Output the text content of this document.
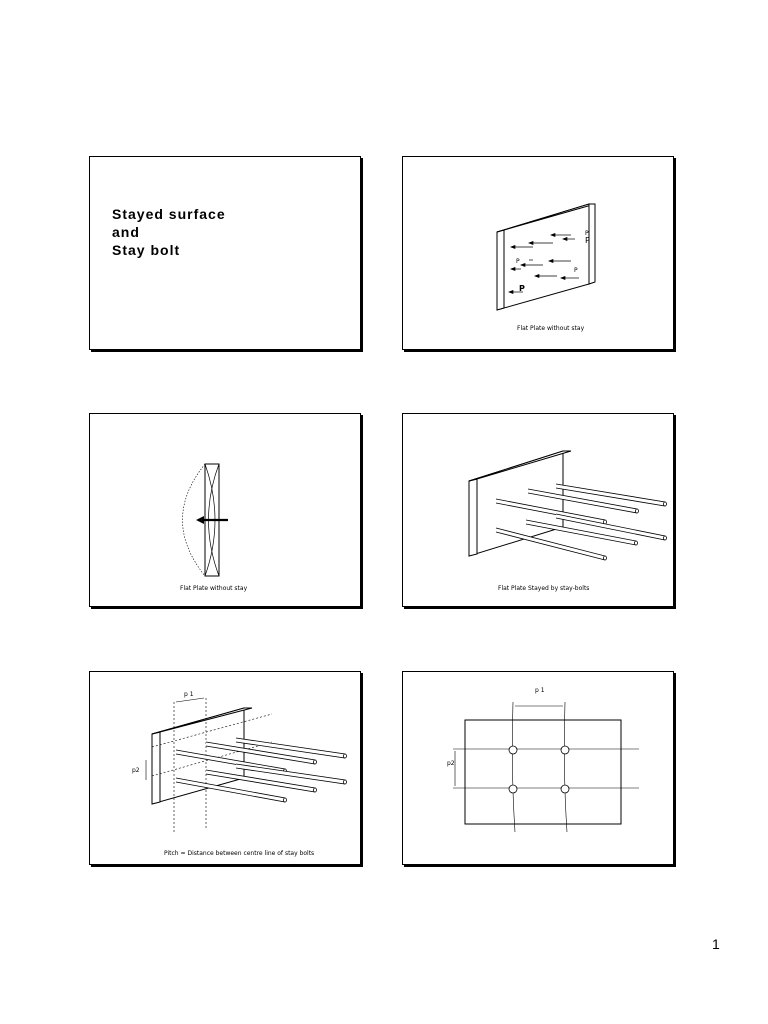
Stayed surface
and
Stay bolt
P
P
P
P
P
Flat Plate without stay
Flat Plate without stay	Flat Plate Stayed by stay-bolts
p 1
p2
Pitch = Distance between centre line of stay bolts
p 1
p2
1
